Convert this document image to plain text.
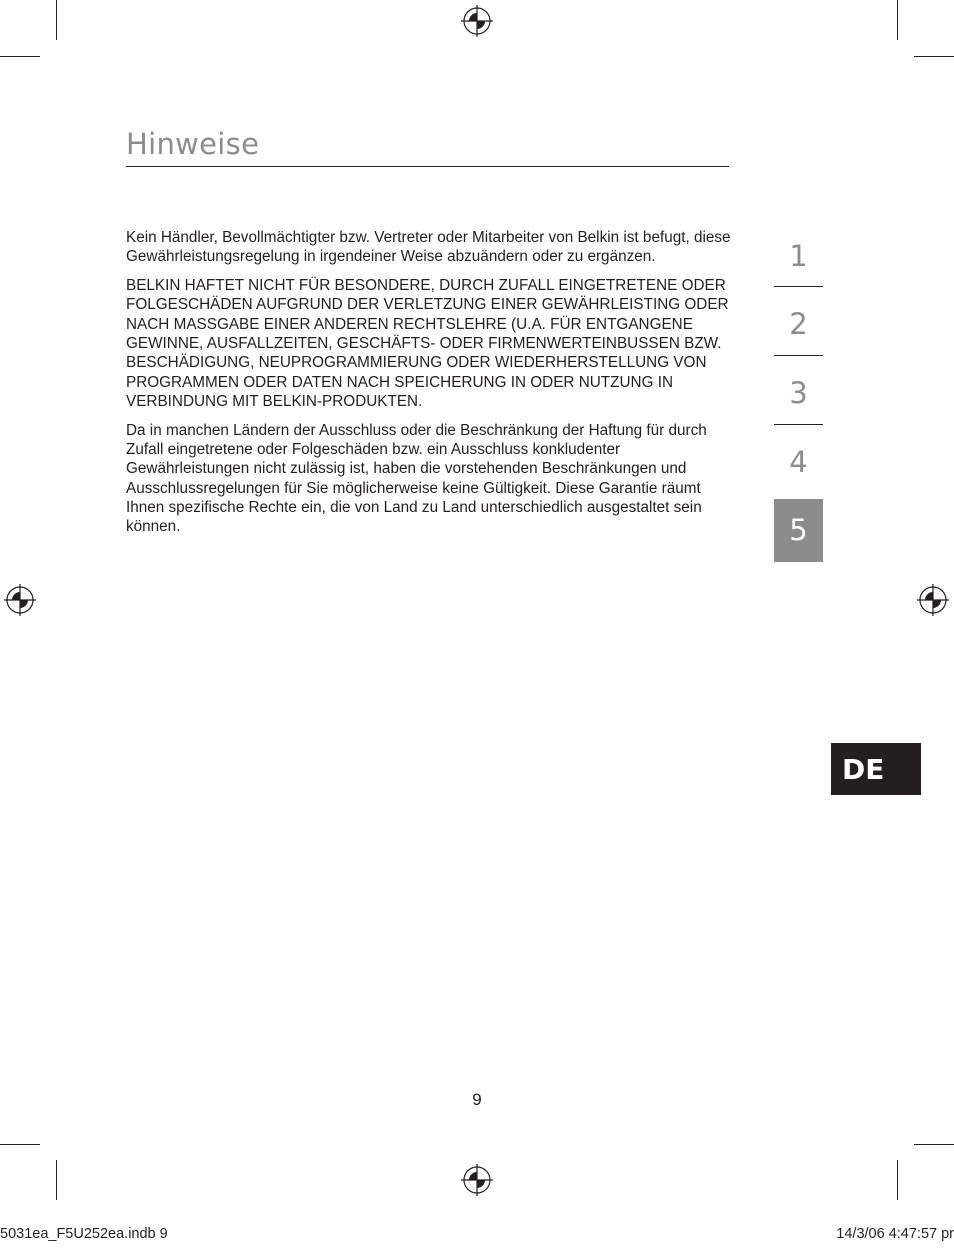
Hinweise

Kein Händler, Bevollmächtigter bzw. Vertreter oder Mitarbeiter von Belkin ist befugt, diese Gewährleistungsregelung in irgendeiner Weise abzuändern oder zu ergänzen.

BELKIN HAFTET NICHT FÜR BESONDERE, DURCH ZUFALL EINGETRETENE ODER FOLGESCHÄDEN AUFGRUND DER VERLETZUNG EINER GEWÄHRLEISTING ODER NACH MASSGABE EINER ANDEREN RECHTSLEHRE (U.A. FÜR ENTGANGENE GEWINNE, AUSFALLZEITEN, GESCHÄFTS- ODER FIRMENWERTEINBUSSEN BZW. BESCHÄDIGUNG, NEUPROGRAMMIERUNG ODER WIEDERHERSTELLUNG VON PROGRAMMEN ODER DATEN NACH SPEICHERUNG IN ODER NUTZUNG IN VERBINDUNG MIT BELKIN-PRODUKTEN.

Da in manchen Ländern der Ausschluss oder die Beschränkung der Haftung für durch Zufall eingetretene oder Folgeschäden bzw. ein Ausschluss konkludenter Gewährleistungen nicht zulässig ist, haben die vorstehenden Beschränkungen und Ausschlussregelungen für Sie möglicherweise keine Gültigkeit. Diese Garantie räumt Ihnen spezifische Rechte ein, die von Land zu Land unterschiedlich ausgestaltet sein können.

1
2
3
4
5
DE
9
5031ea_F5U252ea.indb 9	14/3/06 4:47:57 pr
